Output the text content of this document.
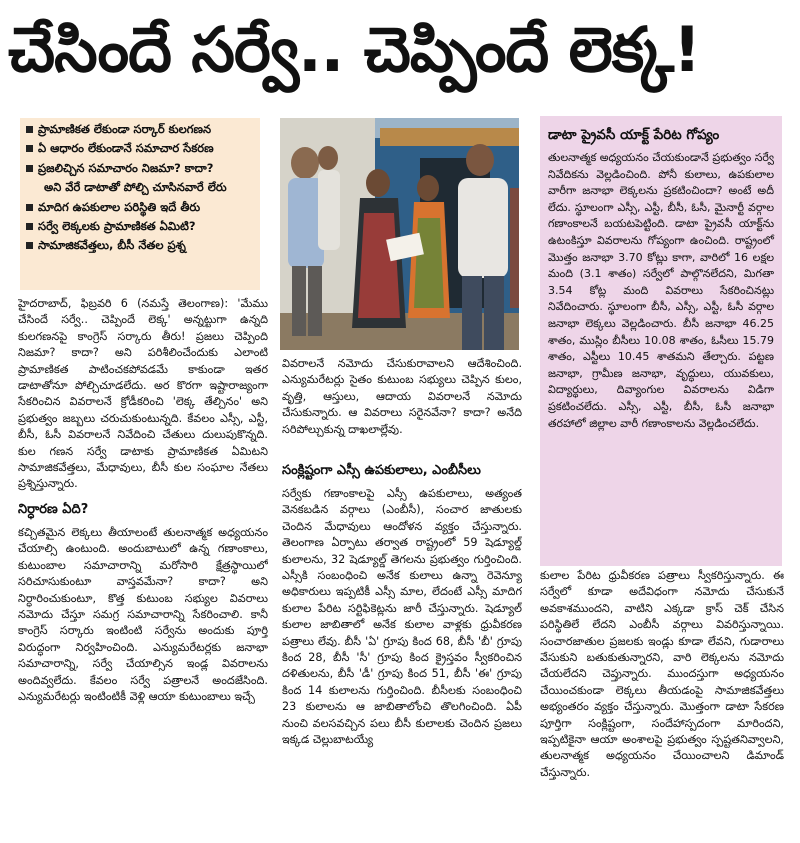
చేసిందే సర్వే.. చెప్పిందే లెక్క!
ప్రామాణికత లేకుండా సర్కార్ కులగణన
ఏ ఆధారం లేకుండానే సమాచార సేకరణ
ప్రజలిచ్చిన సమాచారం నిజమా? కాదా?
అని వేరే డాటాతో పోల్చి చూసినవారే లేరు
మాదిగ ఉపకులాల పరిస్థితి ఇదే తీరు
సర్వే లెక్కలకు ప్రామాణికత ఏమిటి?
సామాజికవేత్తలు, బీసీ నేతల ప్రశ్న

హైదరాబాద్, ఫిబ్రవరి 6 (నమస్తే తెలంగాణ): 'మేము చేసిందే సర్వే.. చెప్పిందే లెక్క' అన్నట్టుగా ఉన్నది కులగణనపై కాంగ్రెస్ సర్కారు తీరు! ప్రజలు చెప్పింది నిజమా? కాదా? అని పరిశీలించేందుకు ఎలాంటి ప్రామాణికత పాటించకపోవడమే కాకుండా ఇతర డాటాతోనూ పోల్చిచూడలేదు. అర కొరగా ఇష్టారాజ్యంగా సేకరించిన వివరాలనే క్రోడీకరించి 'లెక్క తేల్చినం' అని ప్రభుత్వం జబ్బలు చరుచుకుంటున్నది. కేవలం ఎస్సీ, ఎస్టీ, బీసీ, ఓసీ వివరాలనే నివేదించి చేతులు దులుపుకొన్నది. కుల గణన సర్వే డాటాకు ప్రామాణికత ఏమిటని సామాజికవేత్తలు, మేధావులు, బీసీ కుల సంఘాల నేతలు ప్రశ్నిస్తున్నారు.

నిర్ధారణ ఏది?

కచ్చితమైన లెక్కలు తీయాలంటే తులనాత్మక అధ్యయనం చేయాల్సి ఉంటుంది. అందుబాటులో ఉన్న గణాంకాలు, కుటుంబాల సమాచారాన్ని మరోసారి క్షేత్రస్థాయిలో సరిచూసుకుంటూ వాస్తవమేనా? కాదా? అని నిర్ధారించుకుంటూ, కొత్త కుటుంబ సభ్యుల వివరాలు నమోదు చేస్తూ సమగ్ర సమాచారాన్ని సేకరించాలి. కానీ కాంగ్రెస్ సర్కారు ఇంటింటి సర్వేను అందుకు పూర్తి విరుద్ధంగా నిర్వహించింది. ఎన్యుమరేటర్లకు జనాభా సమాచారాన్ని, సర్వే చేయాల్సిన ఇండ్ల వివరాలను అందివ్వలేదు. కేవలం సర్వే పత్రాలనే అందజేసింది. ఎన్యుమరేటర్లు ఇంటింటికీ వెళ్లి ఆయా కుటుంబాలు ఇచ్చే

వివరాలనే నమోదు చేసుకురావాలని ఆదేశించింది. ఎన్యుమరేటర్లు సైతం కుటుంబ సభ్యులు చెప్పిన కులం, వృత్తి, ఆస్తులు, ఆదాయ వివరాలనే నమోదు చేసుకున్నారు. ఆ వివరాలు సరైనవేనా? కాదా? అనేది సరిపోల్చుకున్న దాఖలాల్లేవు.

సంక్లిష్టంగా ఎస్సీ ఉపకులాలు, ఎంబీసీలు

సర్వేకు గణాంకాలపై ఎస్సీ ఉపకులాలు, అత్యంత వెనకబడిన వర్గాలు (ఎంబీసీ), సంచార జాతులకు చెందిన మేధావులు ఆందోళన వ్యక్తం చేస్తున్నారు. తెలంగాణ ఏర్పాటు తర్వాత రాష్ట్రంలో 59 షెడ్యూల్డ్ కులాలను, 32 షెడ్యూల్డ్ తెగలను ప్రభుత్వం గుర్తించింది. ఎస్సీకి సంబంధించి అనేక కులాలు ఉన్నా రెవెన్యూ అధికారులు ఇప్పటికీ ఎస్సీ మాల, లేదంటే ఎస్సీ మాదిగ కులాల పేరిట సర్టిఫికెట్లను జారీ చేస్తున్నారు. షెడ్యూల్ కులాల జాబితాలో అనేక కులాల వాళ్లకు ధ్రువీకరణ పత్రాలు లేవు. బీసీ 'ఏ' గ్రూపు కింద 68, బీసీ 'బీ' గ్రూపు కింద 28, బీసీ 'సీ' గ్రూపు కింద క్రైస్తవం స్వీకరించిన దళితులను, బీసీ 'డీ' గ్రూపు కింద 51, బీసీ 'ఈ' గ్రూపు కింద 14 కులాలను గుర్తించింది. బీసీలకు సంబంధించి 23 కులాలను ఆ జాబితాలోంచి తొలగించింది. ఏపీ నుంచి వలసవచ్చిన పలు బీసీ కులాలకు చెందిన ప్రజలు ఇక్కడ చెల్లుబాటయ్యే

డాటా ప్రైవసీ యాక్ట్ పేరిట గోప్యం
తులనాత్మక అధ్యయనం చేయకుండానే ప్రభుత్వం సర్వే నివేదికను వెల్లడించింది. పోనీ కులాలు, ఉపకులాల వారీగా జనాభా లెక్కలను ప్రకటించిందా? అంటే అదీ లేదు. స్థూలంగా ఎస్సీ, ఎస్టీ, బీసీ, ఓసీ, మైనార్టీ వర్గాల గణాంకాలనే బయటపెట్టింది. డాటా ప్రైవసీ యాక్ట్‌ను ఉటంకిస్తూ వివరాలను గోప్యంగా ఉంచింది. రాష్ట్రంలో మొత్తం జనాభా 3.70 కోట్లు కాగా, వారిలో 16 లక్షల మంది (3.1 శాతం) సర్వేలో పాల్గొనలేదని, మిగతా 3.54 కోట్ల మంది వివరాలు సేకరించినట్లు నివేదించారు. స్థూలంగా బీసీ, ఎస్సీ, ఎస్టీ, ఓసీ వర్గాల జనాభా లెక్కలు వెల్లడించారు. బీసీ జనాభా 46.25 శాతం, ముస్లిం బీసీలు 10.08 శాతం, ఓసీలు 15.79 శాతం, ఎస్టీలు 10.45 శాతమని తేల్చారు. పట్టణ జనాభా, గ్రామీణ జనాభా, వృద్ధులు, యువకులు, విద్యార్థులు, దివ్యాంగుల వివరాలను విడిగా ప్రకటించలేదు. ఎస్సీ, ఎస్టీ, బీసీ, ఓసీ జనాభా తరహాలో జిల్లాల వారీ గణాంకాలను వెల్లడించలేదు.

కులాల పేరిట ధ్రువీకరణ పత్రాలు స్వీకరిస్తున్నారు. ఈ సర్వేలో కూడా అదేవిధంగా నమోదు చేసుకునే అవకాశముందని, వాటిని ఎక్కడా క్రాస్ చెక్ చేసిన పరిస్థితిలే లేదని ఎంబీసీ వర్గాలు వివరిస్తున్నాయి. సంచారజాతుల ప్రజలకు ఇండ్లు కూడా లేవని, గుడారాలు వేసుకుని బతుకుతున్నారని, వారి లెక్కలను నమోదు చేయలేదని చెప్తున్నారు. ముందస్తుగా అధ్యయనం చేయించకుండా లెక్కలు తీయడంపై సామాజికవేత్తలు అభ్యంతరం వ్యక్తం చేస్తున్నారు. మొత్తంగా డాటా సేకరణ పూర్తిగా సంక్లిష్టంగా, సందేహాస్పదంగా మారిందని, ఇప్పటికైనా ఆయా అంశాలపై ప్రభుత్వం స్పష్టతనివ్వాలని, తులనాత్మక అధ్యయనం చేయించాలని డిమాండ్ చేస్తున్నారు.
